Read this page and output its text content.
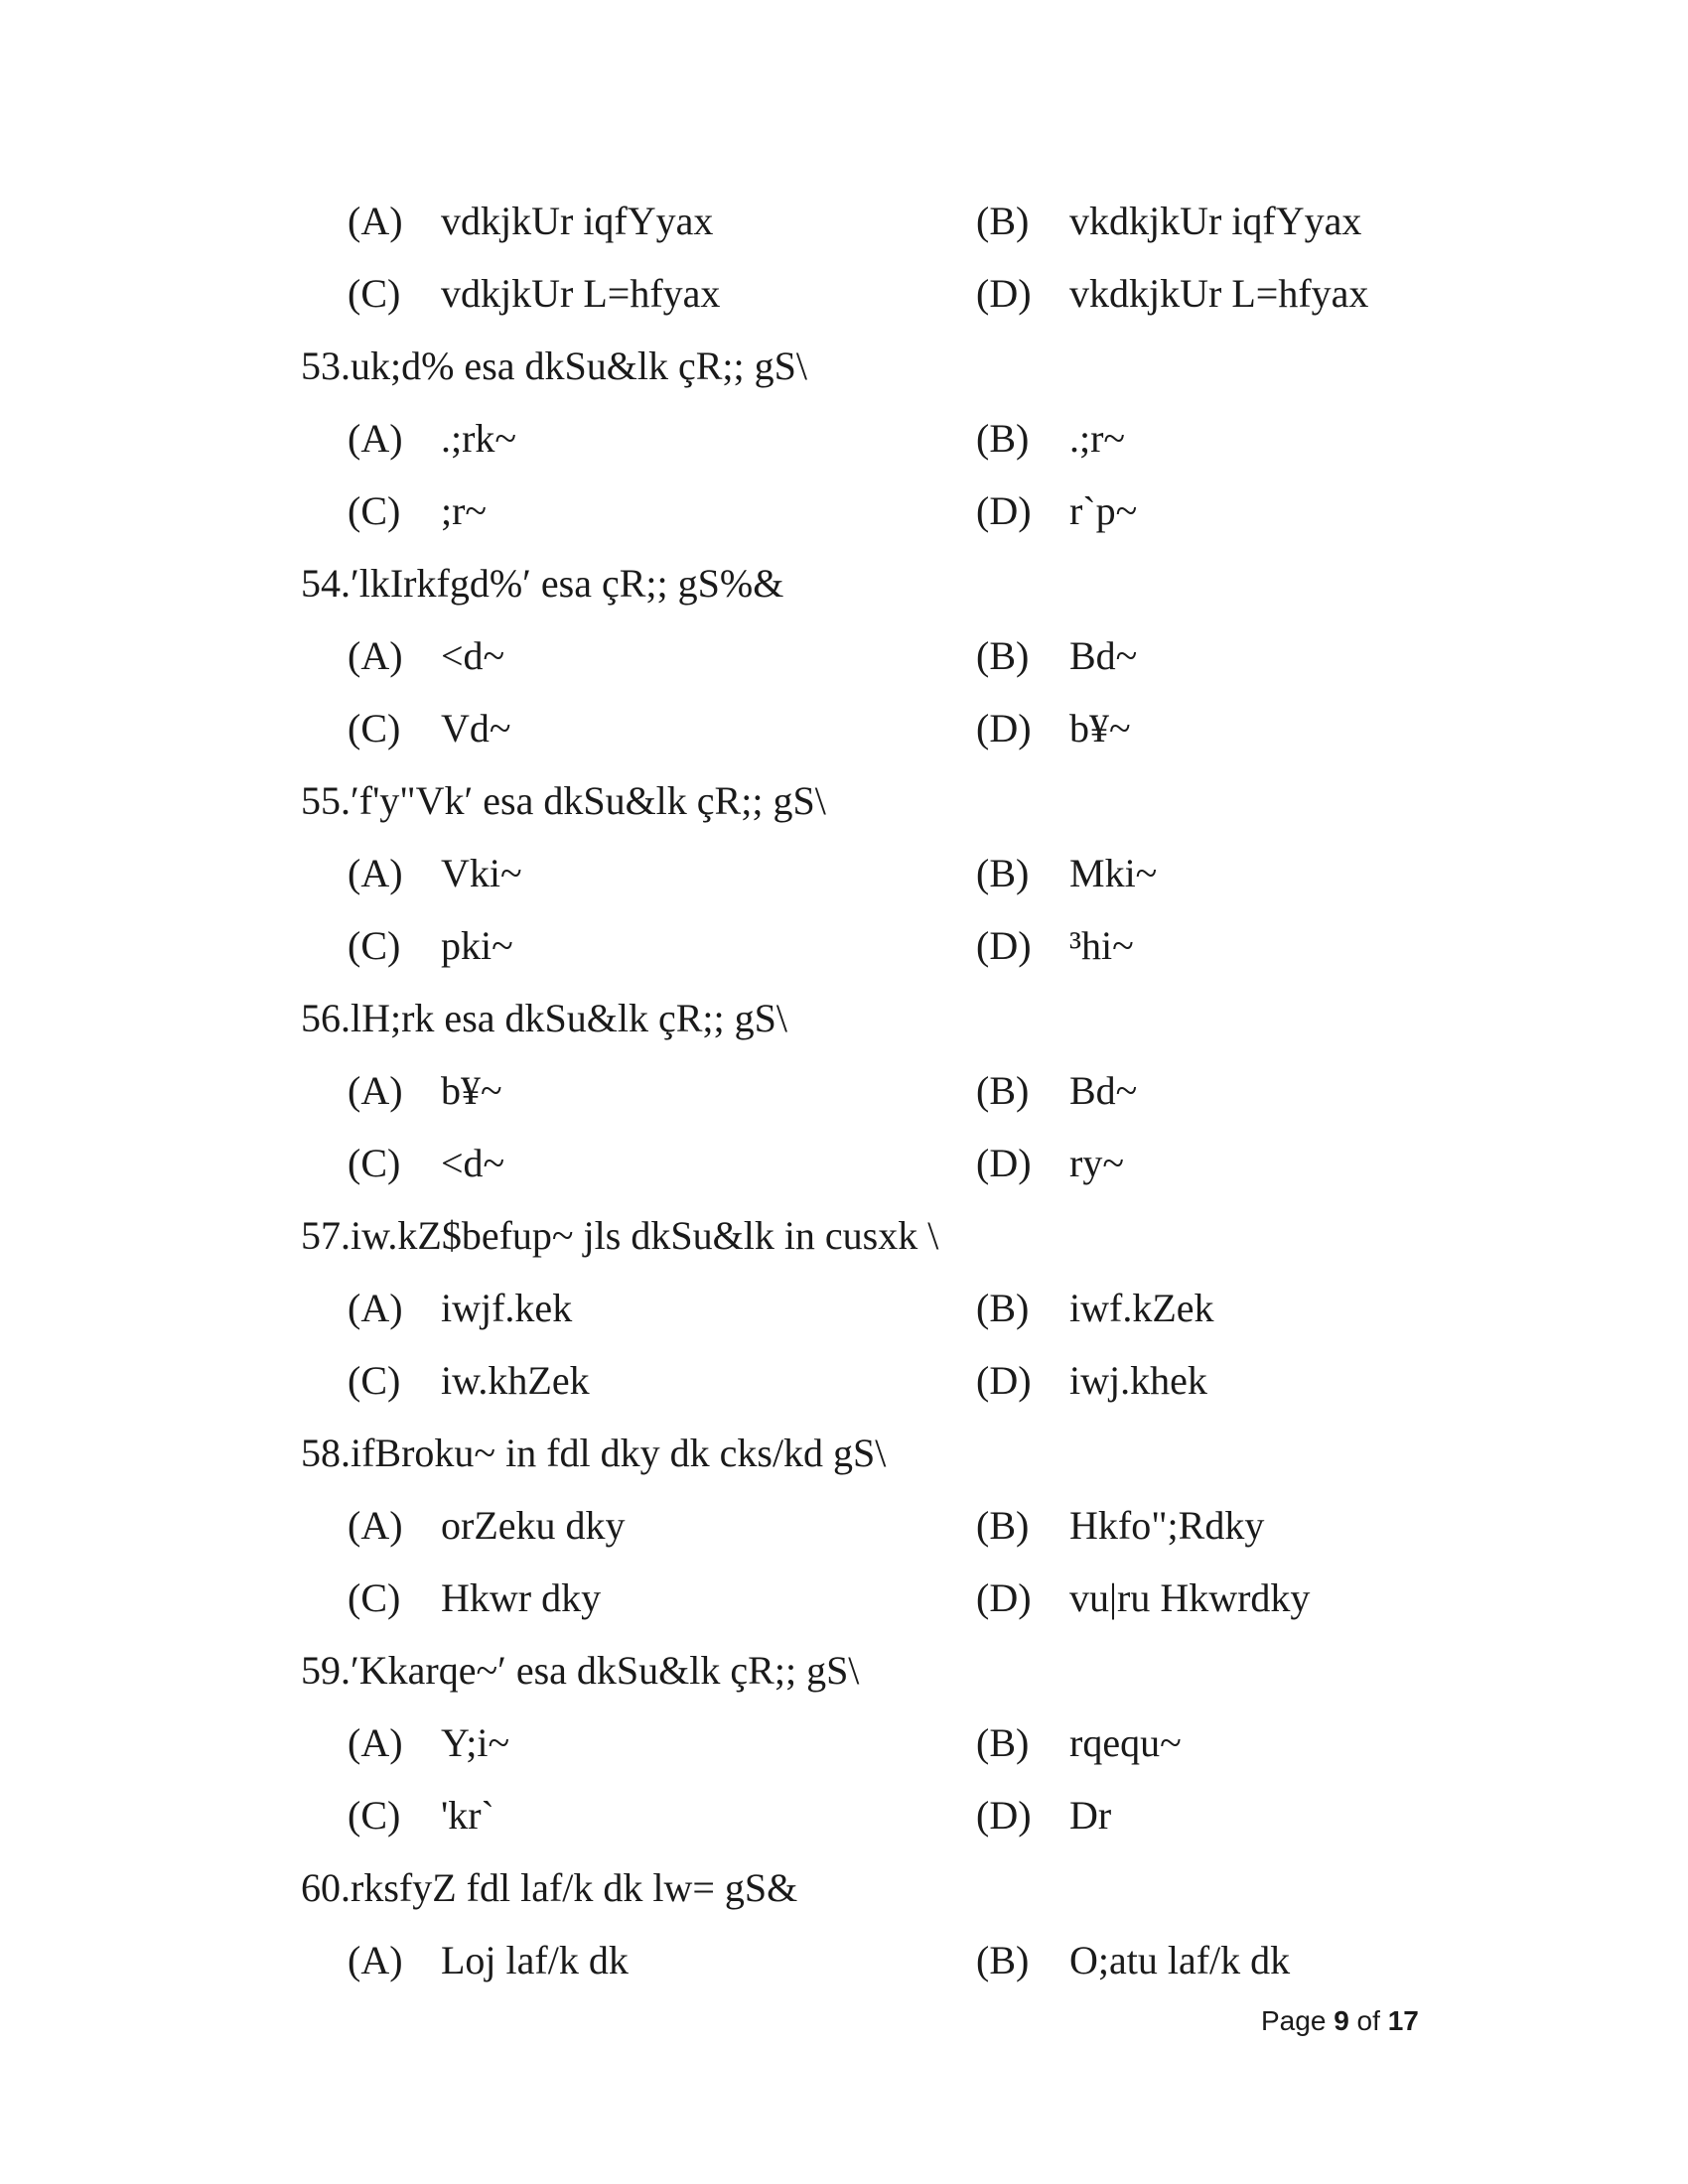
(A) vdkjkUr iqfYyax	(B)	vkdkjkUr iqfYyax
(C)	vdkjkUr L=hfyax	(D) vkdkjkUr L=hfyax
53. uk;d% esa dkSu&lk çR;; gS\
(A) .;rk~	(B)	.;r~
(C)	;r~	(D) r`p~
54. ′lkIrkfgd%′ esa çR;; gS%&
(A) <d~	(B)	Bd~
(C)	Vd~	(D) b¥~
55. ′f'y"Vk′ esa dkSu&lk çR;; gS\
(A) Vki~	(B)	Mki~
(C)	pki~	(D) ³hi~
56. lH;rk esa dkSu&lk çR;; gS\
(A) b¥~	(B)	Bd~
(C)	<d~	(D) ry~
57. iw.kZ$befup~ jls dkSu&lk in cusxk \
(A) iwjf.kek	(B)	iwf.kZek
(C)	iw.khZek	(D) iwj.khek
58. ifBroku~ in fdl dky dk cks/kd gS\
(A) orZeku dky	(B)	Hkfo";Rdky
(C)	Hkwr dky	(D) vu|ru Hkwrdky
59. ′Kkarqe~′ esa dkSu&lk çR;; gS\
(A) Y;i~	(B)	rqequ~
(C)	'kr`	(D) Dr
60. rksfyZ fdl laf/k dk lw= gS&
(A) Loj laf/k dk	(B)	O;atu laf/k dk
Page 9 of 17
